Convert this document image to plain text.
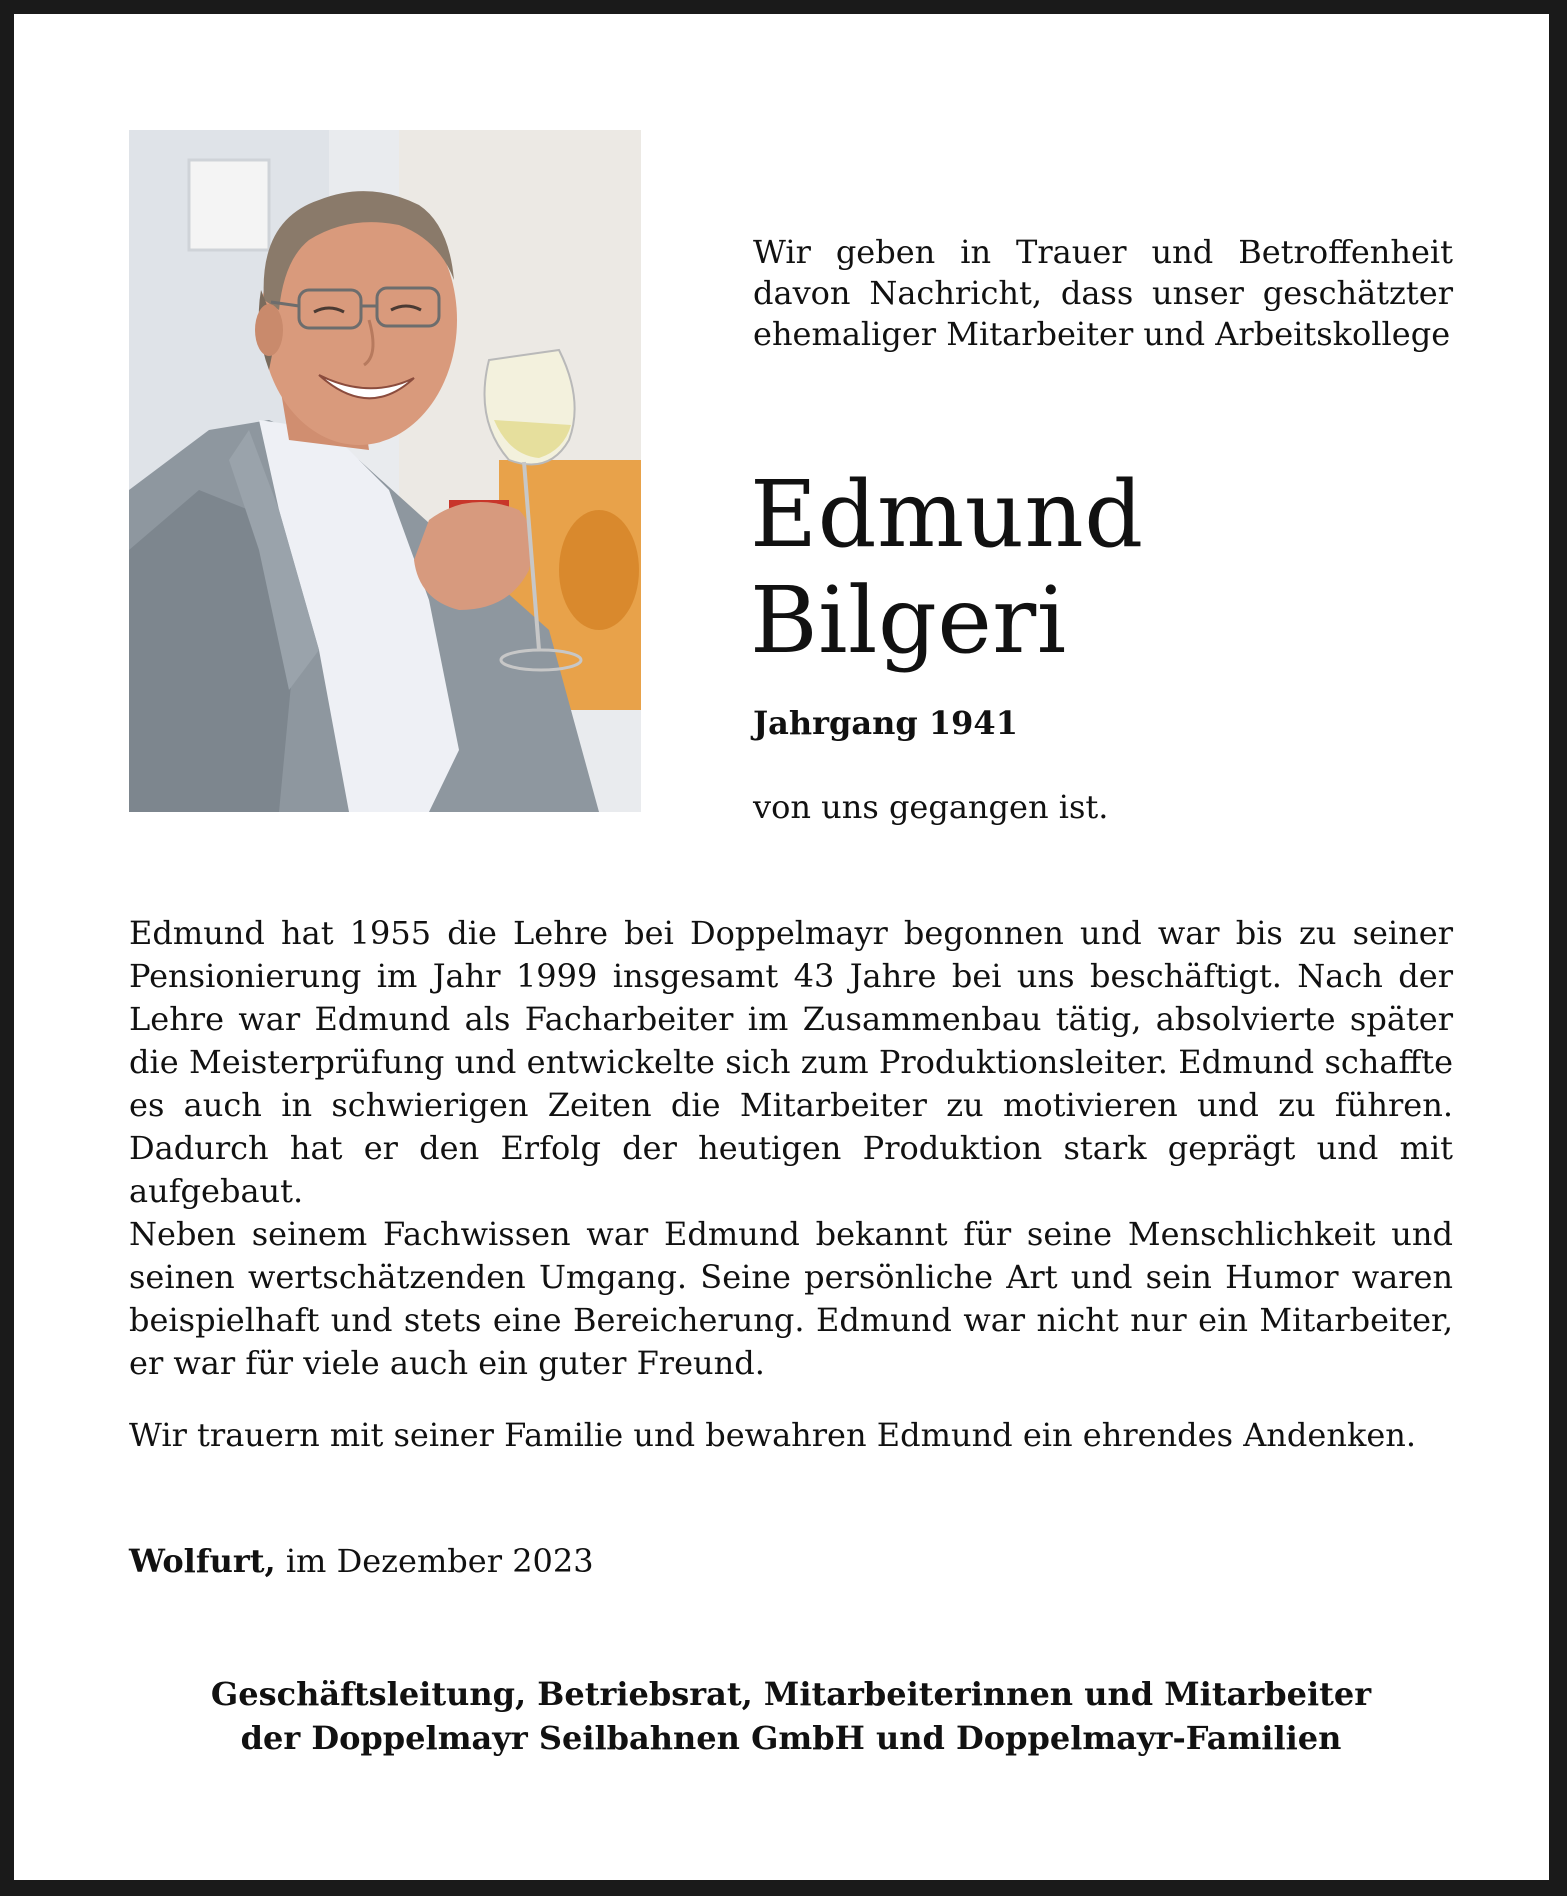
Wir geben in Trauer und Betroffenheit davon Nachricht, dass unser geschätzter ehemaliger Mitarbeiter und Arbeitskollege
Edmund
Bilgeri
Jahrgang 1941
von uns gegangen ist.

Edmund hat 1955 die Lehre bei Doppelmayr begonnen und war bis zu seiner Pensionierung im Jahr 1999 insgesamt 43 Jahre bei uns beschäftigt. Nach der Lehre war Edmund als Facharbeiter im Zusammenbau tätig, absolvierte später die Meisterprüfung und entwickelte sich zum Produktionsleiter. Edmund schaffte es auch in schwierigen Zeiten die Mitarbeiter zu motivieren und zu führen. Dadurch hat er den Erfolg der heutigen Produktion stark geprägt und mit aufgebaut.

Neben seinem Fachwissen war Edmund bekannt für seine Menschlichkeit und seinen wertschätzenden Umgang. Seine persönliche Art und sein Humor waren beispielhaft und stets eine Bereicherung. Edmund war nicht nur ein Mitarbeiter, er war für viele auch ein guter Freund.

Wir trauern mit seiner Familie und bewahren Edmund ein ehrendes Andenken.
Wolfurt, im Dezember 2023
Geschäftsleitung, Betriebsrat, Mitarbeiterinnen und Mitarbeiter
der Doppelmayr Seilbahnen GmbH und Doppelmayr-Familien
